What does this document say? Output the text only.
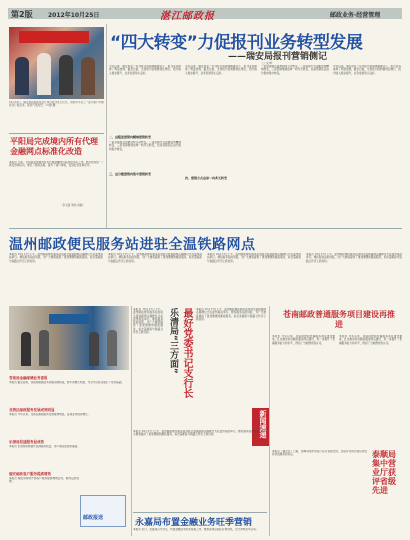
第2版	2012年10月25日	湛江邮政报	邮政业务·经营管理
“四大转变”力促报刊业务转型发展
——瑞安局报刊营销侧记
□ 文/叶
10月14日，瑞安局在邮政营业厅举行报刊发行仪式，局领导与员工一起为客户办理报刊订阅业务，现场气氛热烈。（叶静 摄）
今年以来，瑞安局在一系列报刊营销策略推动下，报刊业务取得了明显成效，截至目前，全局报刊流转额同比增长，报刊收入稳步提升，业务发展势头良好。
二、由粗放营销向精细营销转变
一是营销观念由被动向主动转变，二是营销方式由粗放向精细转变，三是营销渠道由单一向多元转变，四是营销队伍由分散向集中转变。
三、由分散营销向集中营销转变
今年以来，瑞安局在一系列报刊营销策略推动下，报刊业务取得了明显成效，截至目前，全局报刊流转额同比增长，报刊收入稳步提升，业务发展势头良好。
四、营销方式由单一向多元转变
一是营销观念由被动向主动转变，二是营销方式由粗放向精细转变，三是营销渠道由单一向多元转变，四是营销队伍由分散向集中转变。
今年以来，瑞安局在一系列报刊营销策略推动下，报刊业务取得了明显成效，截至目前，全局报刊流转额同比增长，报刊收入稳步提升，业务发展势头良好。
平阳局完成境内所有代理金融网点标准化改造
本报讯 日前，平阳局完成境内所有代理金融网点标准化改造工作。此次改造统一了网点形象标识，规范了服务流程，提升了客户体验，受到社会各界好评。
（李文昌 周伟 供稿）
温州邮政便民服务站进驻全温铁路网点
本报讯 10月17日上午，温州邮政便民服务站进驻全温铁路网点揭牌仪式在温州南站举行。便民服务站的进驻，为广大旅客提供了更加便捷的邮政服务，标志着邮政与铁路合作迈上新台阶。
本报讯 10月17日上午，温州邮政便民服务站进驻全温铁路网点揭牌仪式在温州南站举行。便民服务站的进驻，为广大旅客提供了更加便捷的邮政服务，标志着邮政与铁路合作迈上新台阶。
本报讯 10月17日上午，温州邮政便民服务站进驻全温铁路网点揭牌仪式在温州南站举行。便民服务站的进驻，为广大旅客提供了更加便捷的邮政服务，标志着邮政与铁路合作迈上新台阶。
本报讯 10月17日上午，温州邮政便民服务站进驻全温铁路网点揭牌仪式在温州南站举行。便民服务站的进驻，为广大旅客提供了更加便捷的邮政服务，标志着邮政与铁路合作迈上新台阶。
最好党委书记支行长
乐清局“三方面”
本报讯 10月17日上午，温州邮政便民服务站进驻全温铁路网点揭牌仪式在温州南站举行。便民服务站的进驻，为广大旅客提供了更加便捷的邮政服务，标志着邮政与铁路合作迈上新台阶。
本报讯 10月17日上午，温州邮政便民服务站进驻全温铁路网点揭牌仪式在温州南站举行。便民服务站的进驻，为广大旅客提供了更加便捷的邮政服务，标志着邮政与铁路合作迈上新台阶。
苍南邮政普通服务项目建设再推进
本报讯 今年以来，苍南局按照普遍服务项目建设要求，扎实推进农村邮政服务网点建设，进一步提升了普遍服务能力和水平，得到了当地群众的认可。
本报讯 今年以来，苍南局按照普遍服务项目建设要求，扎实推进农村邮政服务网点建设，进一步提升了普遍服务能力和水平，得到了当地群众的认可。
新闻速递
苍南局金融邮储业务喜报
本报讯 截至目前，苍南局邮储业务余额突破新高，较年初增长明显，为全年目标完成打下坚实基础。
龙湾区邮政服务发展成效明显
本报讯 今年以来，龙湾区邮政服务发展成效明显，各项业务稳步增长。
乐清局投递服务显成效
本报讯 乐清局积极提升投递服务质量，用户满意度稳步提高。
瑞安邮政客户服务提质增效
本报讯 瑞安局持续开展客户服务提质增效活动，取得良好成效。
邮政报送
本报讯 10月17日上午，温州邮政便民服务站进驻全温铁路网点揭牌仪式在温州南站举行。便民服务站的进驻，为广大旅客提供了更加便捷的邮政服务，标志着邮政与铁路合作迈上新台阶。
泰顺局集中营业厅获评省级先进
本报讯（通讯员）日前，泰顺局集中营业厅获评省级先进，这是对该局长期以来坚持优质服务的肯定。
永嘉局布置金融业务旺季营销
本报讯 近日，永嘉局召开会议，布置金融业务旺季营销工作，要求各网点抓住有利时机，全力冲刺全年任务。
